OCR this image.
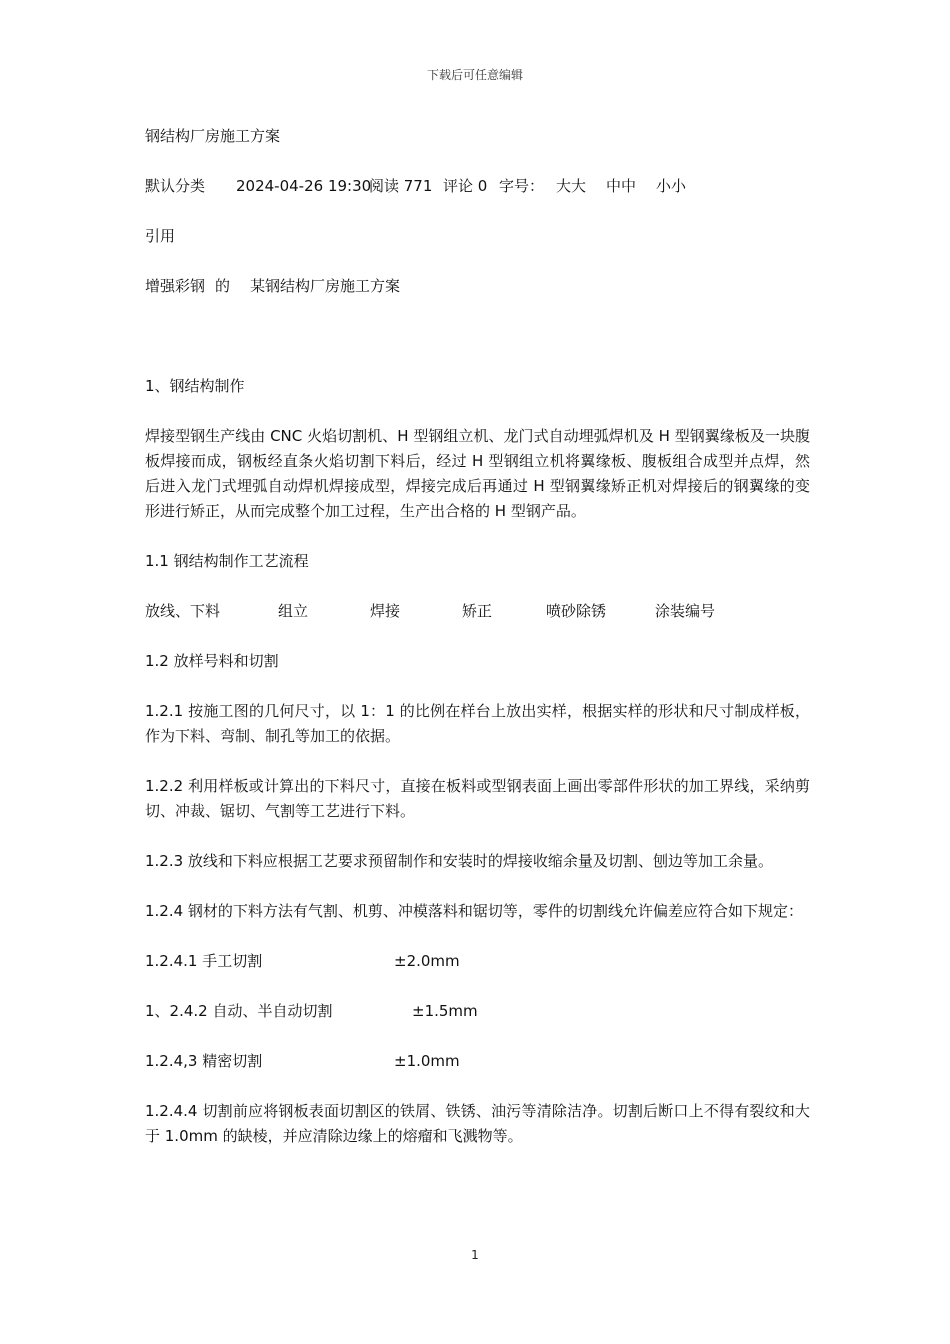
下载后可任意编辑
钢结构厂房施工方案
默认分类 2024-04-26 19:30阅读 771 评论 0 字号： 大大 中中 小小
引用
增强彩钢 的 某钢结构厂房施工方案
1、钢结构制作
焊接型钢生产线由 CNC 火焰切割机、H 型钢组立机、龙门式自动埋弧焊机及 H 型钢翼缘板及一块腹板焊接而成，钢板经直条火焰切割下料后，经过 H 型钢组立机将翼缘板、腹板组合成型并点焊，然后进入龙门式埋弧自动焊机焊接成型，焊接完成后再通过 H 型钢翼缘矫正机对焊接后的钢翼缘的变形进行矫正，从而完成整个加工过程，生产出合格的 H 型钢产品。
1.1 钢结构制作工艺流程
放线、下料	组立	焊接	矫正	喷砂除锈	涂装编号
1.2 放样号料和切割
1.2.1 按施工图的几何尺寸，以 1：1 的比例在样台上放出实样，根据实样的形状和尺寸制成样板，作为下料、弯制、制孔等加工的依据。
1.2.2 利用样板或计算出的下料尺寸，直接在板料或型钢表面上画出零部件形状的加工界线，采纳剪切、冲裁、锯切、气割等工艺进行下料。
1.2.3 放线和下料应根据工艺要求预留制作和安装时的焊接收缩余量及切割、刨边等加工余量。
1.2.4 钢材的下料方法有气割、机剪、冲模落料和锯切等，零件的切割线允许偏差应符合如下规定：
1.2.4.1 手工切割	±2.0mm
1、2.4.2 自动、半自动切割	±1.5mm
1.2.4,3 精密切割	±1.0mm
1.2.4.4 切割前应将钢板表面切割区的铁屑、铁锈、油污等清除洁净。切割后断口上不得有裂纹和大于 1.0mm 的缺棱，并应清除边缘上的熔瘤和飞溅物等。
1
